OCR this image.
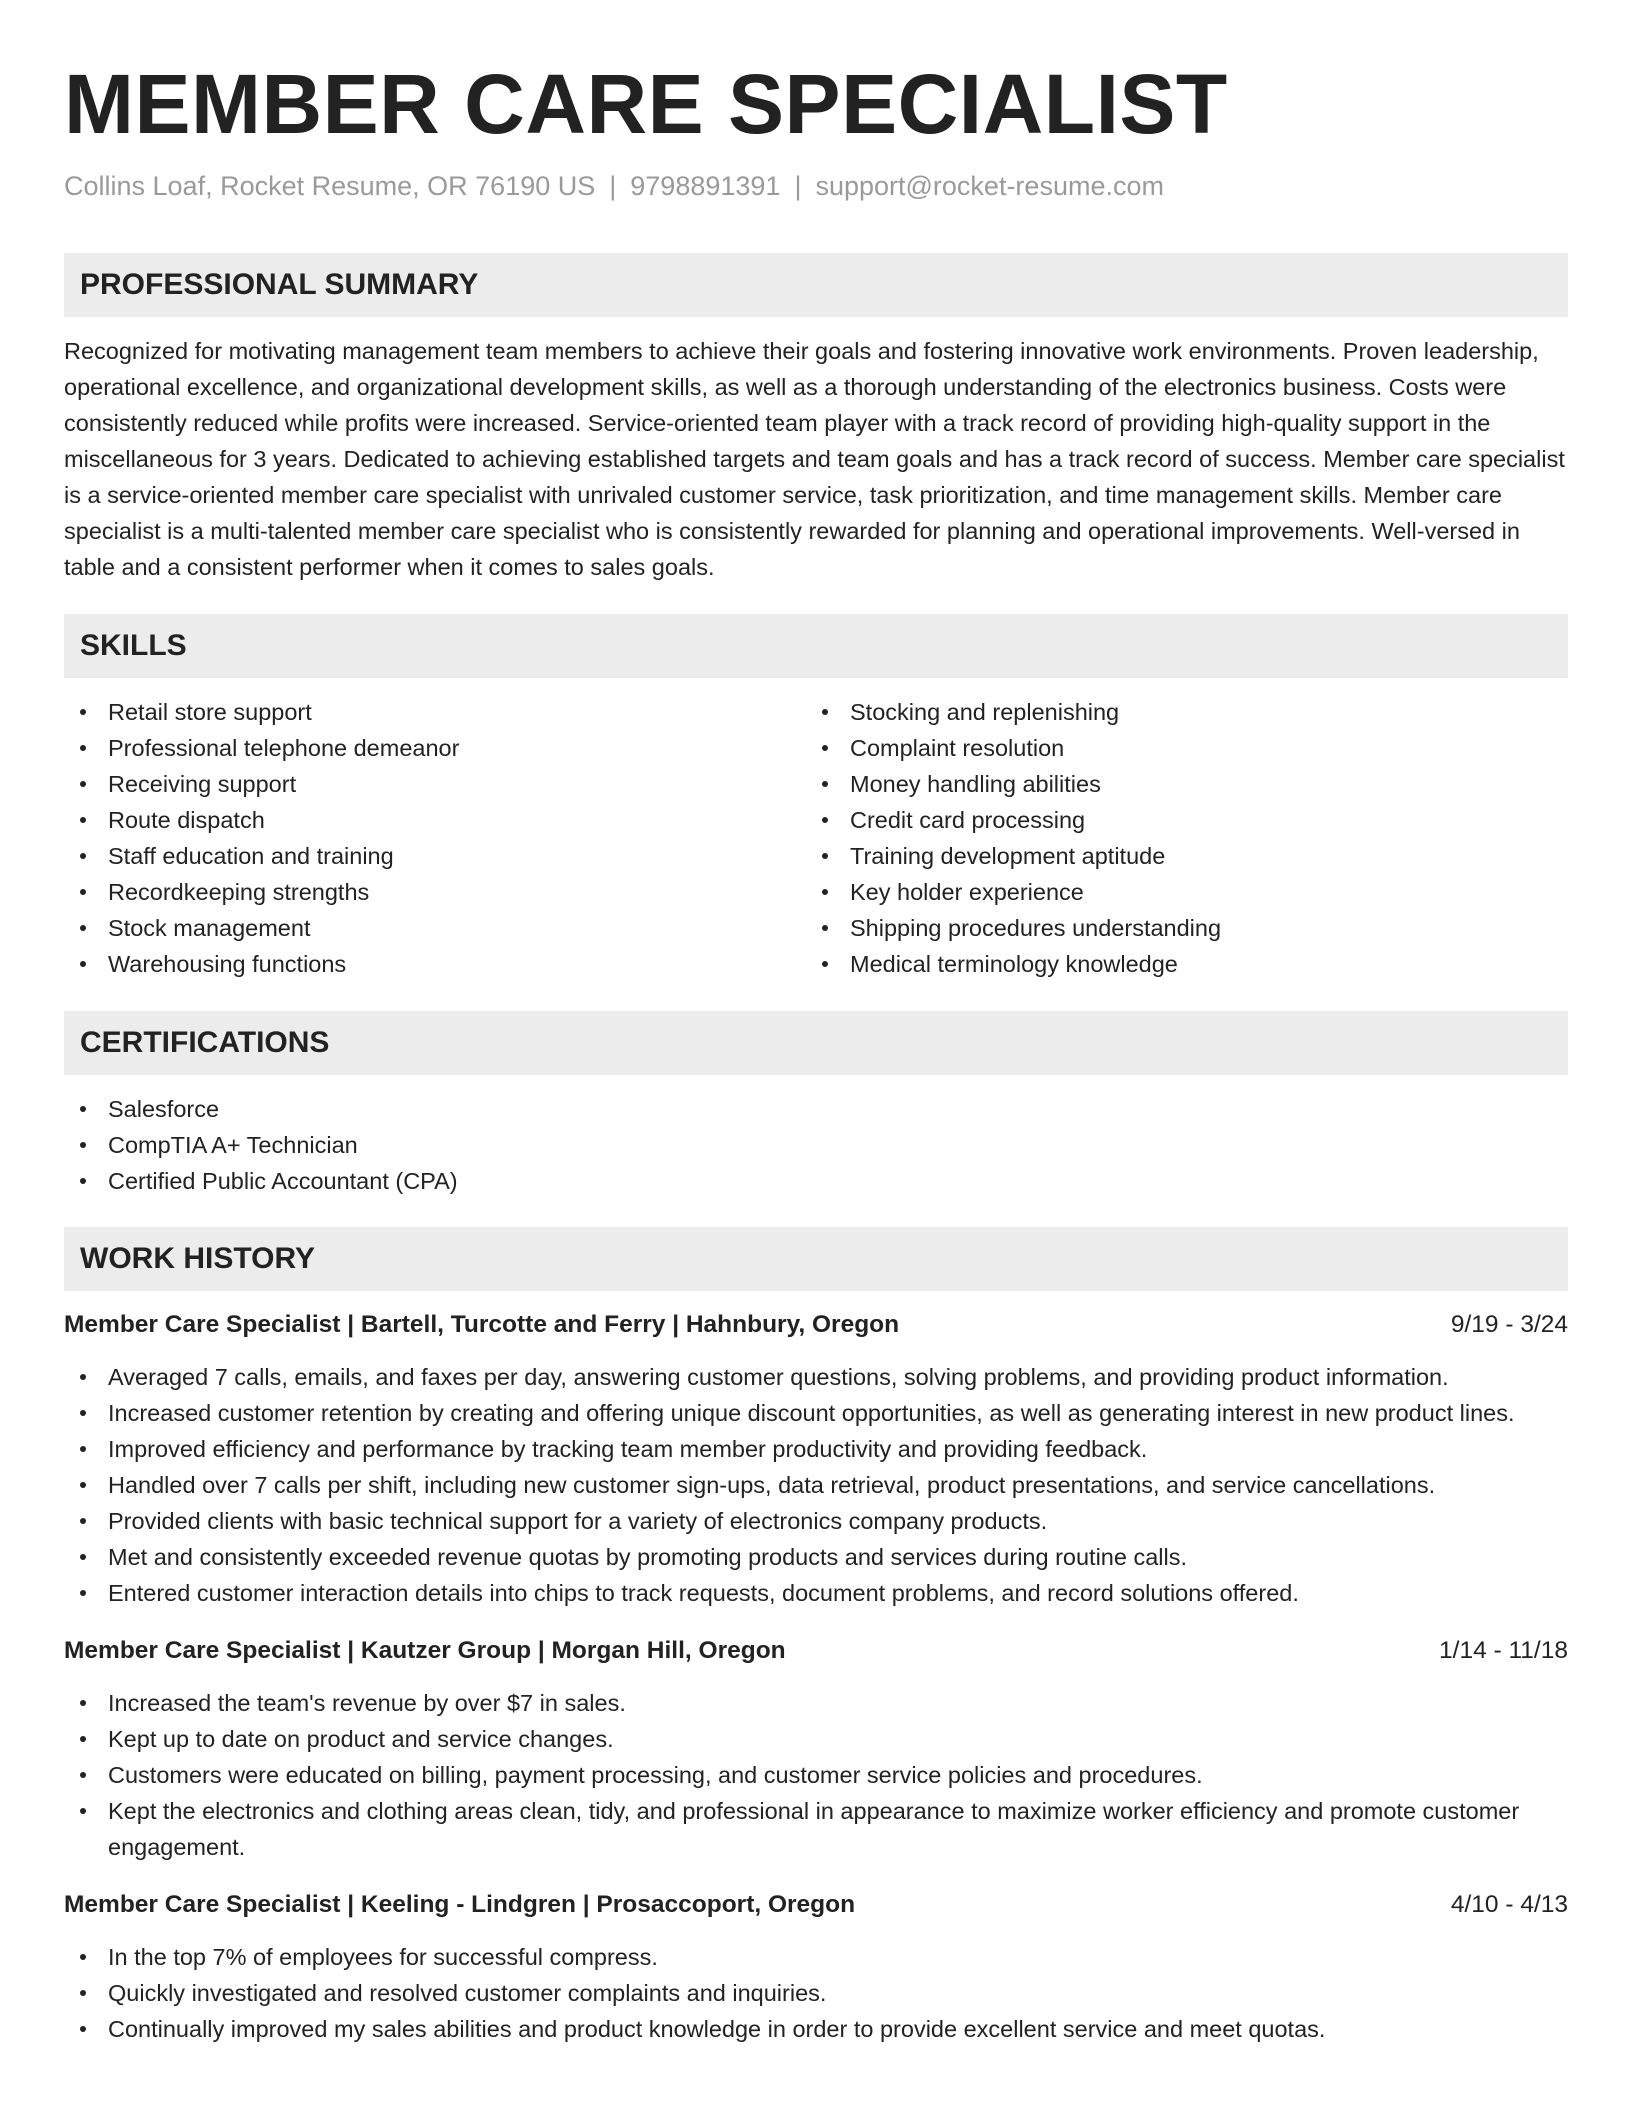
MEMBER CARE SPECIALIST
Collins Loaf, Rocket Resume, OR 76190 US | 9798891391 | support@rocket-resume.com
PROFESSIONAL SUMMARY

Recognized for motivating management team members to achieve their goals and fostering innovative work environments. Proven leadership, operational excellence, and organizational development skills, as well as a thorough understanding of the electronics business. Costs were consistently reduced while profits were increased. Service-oriented team player with a track record of providing high-quality support in the miscellaneous for 3 years. Dedicated to achieving established targets and team goals and has a track record of success. Member care specialist is a service-oriented member care specialist with unrivaled customer service, task prioritization, and time management skills. Member care specialist is a multi-talented member care specialist who is consistently rewarded for planning and operational improvements. Well-versed in table and a consistent performer when it comes to sales goals.

SKILLS
Retail store support
Professional telephone demeanor
Receiving support
Route dispatch
Staff education and training
Recordkeeping strengths
Stock management
Warehousing functions
Stocking and replenishing
Complaint resolution
Money handling abilities
Credit card processing
Training development aptitude
Key holder experience
Shipping procedures understanding
Medical terminology knowledge
CERTIFICATIONS
Salesforce
CompTIA A+ Technician
Certified Public Accountant (CPA)
WORK HISTORY
Member Care Specialist | Bartell, Turcotte and Ferry | Hahnbury, Oregon	9/19 - 3/24
Averaged 7 calls, emails, and faxes per day, answering customer questions, solving problems, and providing product information.
Increased customer retention by creating and offering unique discount opportunities, as well as generating interest in new product lines.
Improved efficiency and performance by tracking team member productivity and providing feedback.
Handled over 7 calls per shift, including new customer sign-ups, data retrieval, product presentations, and service cancellations.
Provided clients with basic technical support for a variety of electronics company products.
Met and consistently exceeded revenue quotas by promoting products and services during routine calls.
Entered customer interaction details into chips to track requests, document problems, and record solutions offered.
Member Care Specialist | Kautzer Group | Morgan Hill, Oregon	1/14 - 11/18
Increased the team's revenue by over $7 in sales.
Kept up to date on product and service changes.
Customers were educated on billing, payment processing, and customer service policies and procedures.
Kept the electronics and clothing areas clean, tidy, and professional in appearance to maximize worker efficiency and promote customer engagement.
Member Care Specialist | Keeling - Lindgren | Prosaccoport, Oregon	4/10 - 4/13
In the top 7% of employees for successful compress.
Quickly investigated and resolved customer complaints and inquiries.
Continually improved my sales abilities and product knowledge in order to provide excellent service and meet quotas.
